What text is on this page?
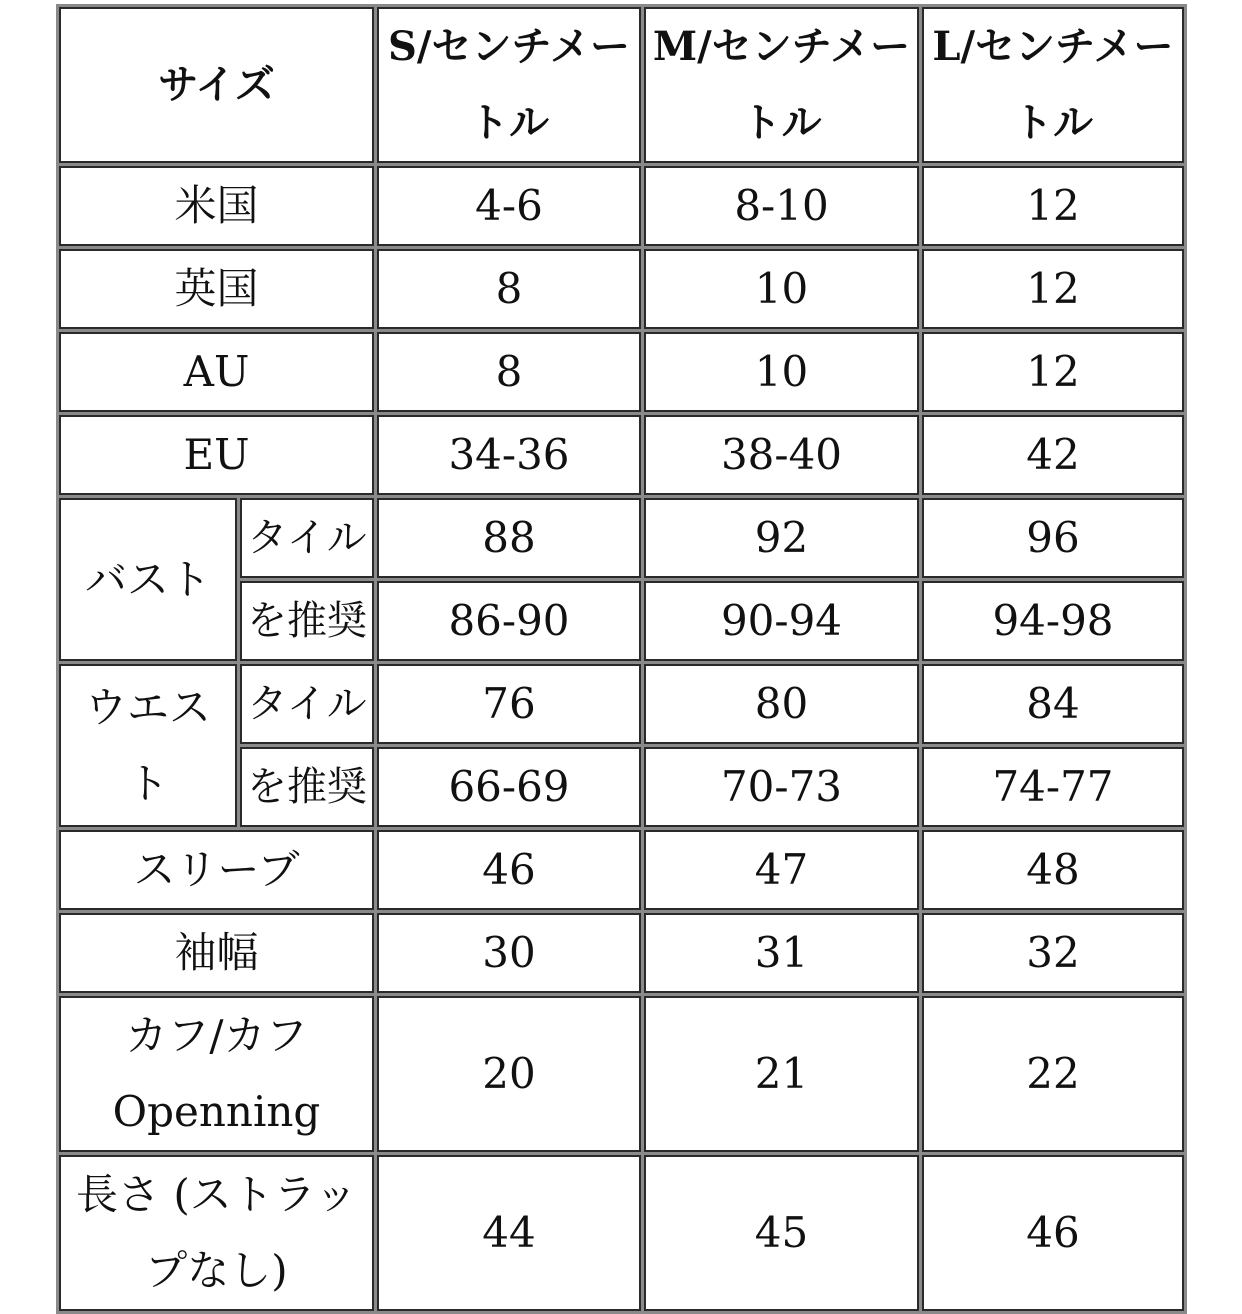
サイズ		S/センチメートル	M/センチメートル	L/センチメートル
米国		4-6	8-10	12
英国		8	10	12
AU		8	10	12
EU		34-36	38-40	42
バスト	タイル	88	92	96
	を推奨	86-90	90-94	94-98
ウエスト	タイル	76	80	84
	を推奨	66-69	70-73	74-77
スリーブ		46	47	48
袖幅		30	31	32
カフ/カフ Openning		20	21	22
長さ (ストラップなし)		44	45	46
